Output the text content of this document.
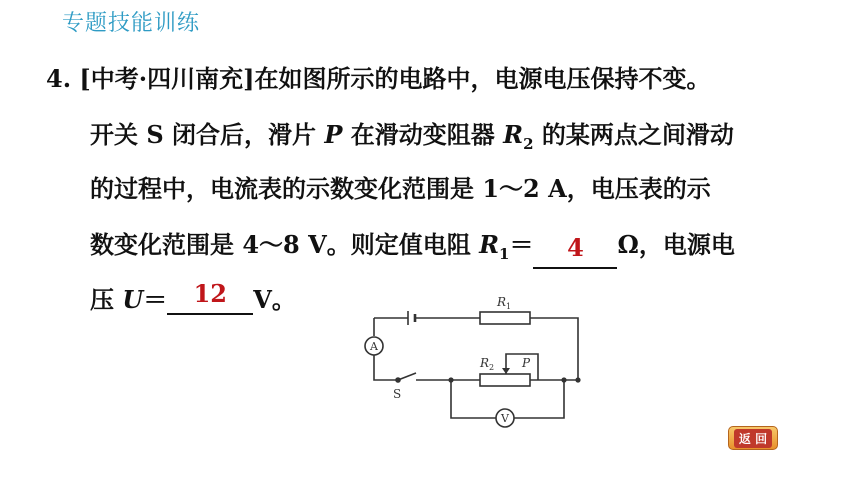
专题技能训练
4. [中考·四川南充]在如图所示的电路中，电源电压保持不变。
开关 S 闭合后，滑片 P 在滑动变阻器 $R_2$ 的某两点之间滑动
的过程中，电流表的示数变化范围是 1～2 A，电压表的示
数变化范围是 4～8 V。则定值电阻 $R_1= 4$ Ω，电源电
压 U＝ 12 V。	R 1
R 2 P
A
V
S
返 回
